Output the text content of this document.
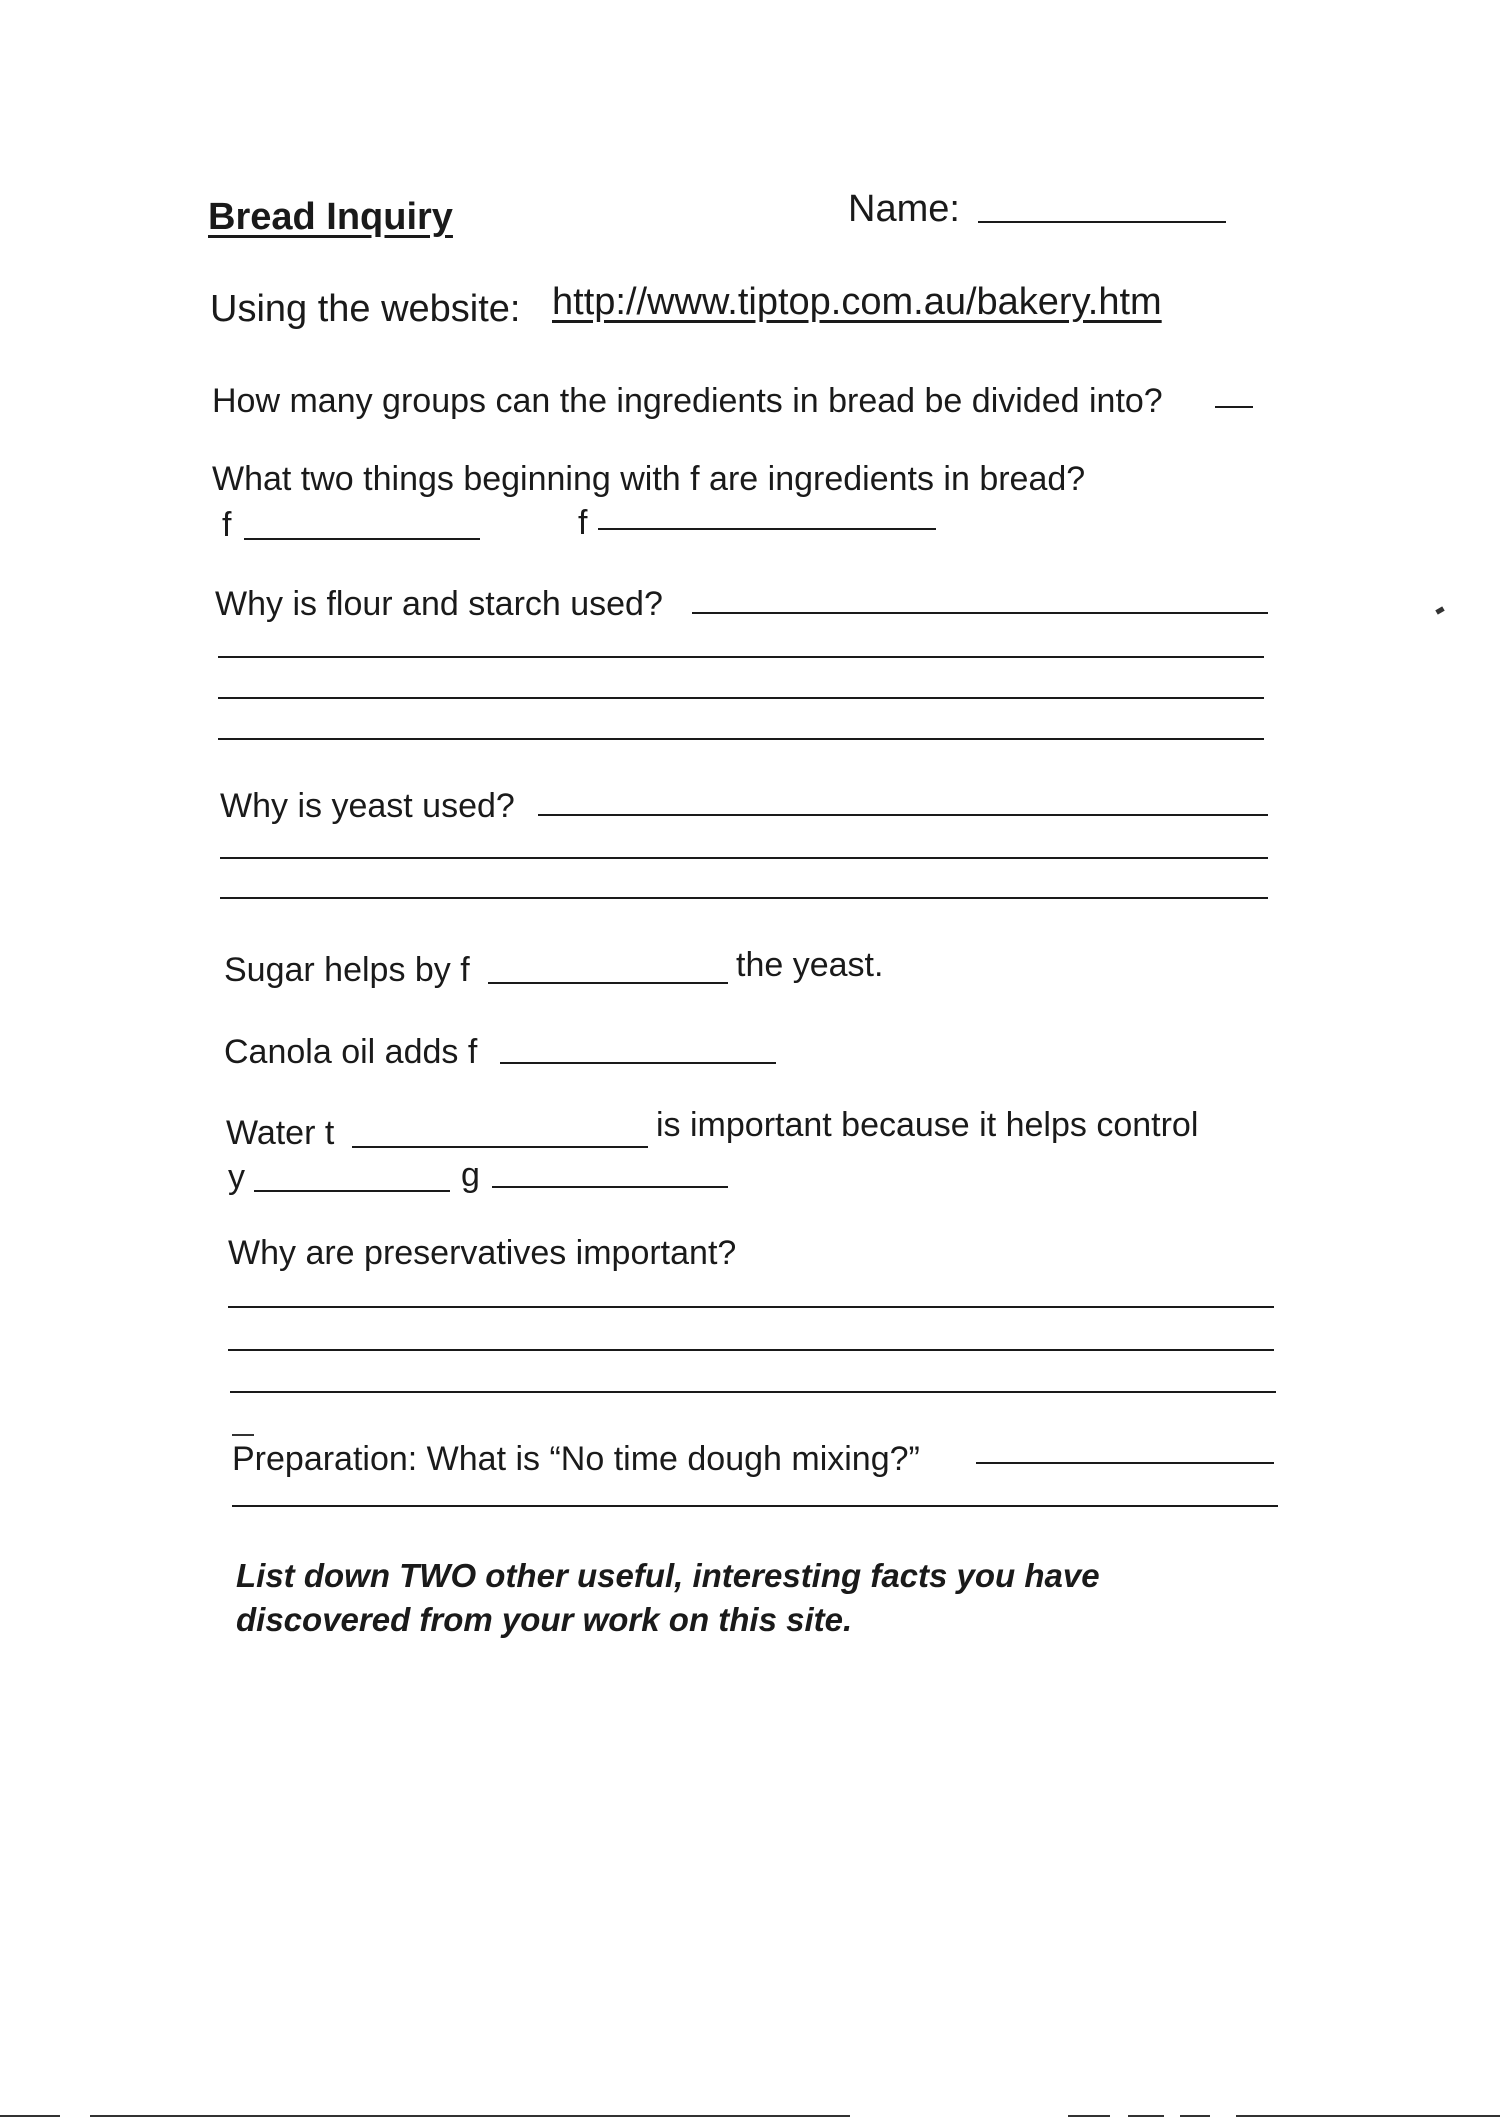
Bread Inquiry	Name:
Using the website: http://www.tiptop.com.au/bakery.htm
How many groups can the ingredients in bread be divided into?
What two things beginning with f are ingredients in bread?
f	f
Why is flour and starch used?
Why is yeast used?
Sugar helps by f	the yeast.
Canola oil adds f
Water t	is important because it helps control
y	g
Why are preservatives important?
Preparation: What is “No time dough mixing?”
List down TWO other useful, interesting facts you have discovered from your work on this site.
